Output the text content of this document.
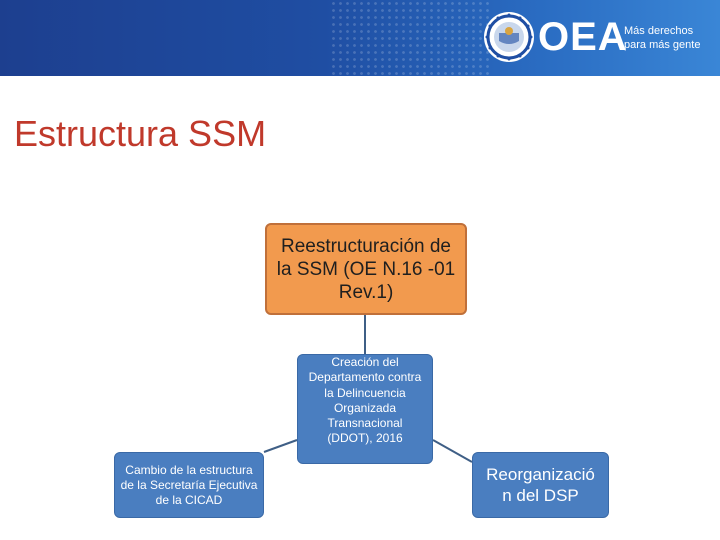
OEA
Más derechos
para más gente
Estructura SSM
Reestructuración de la SSM (OE N.16 -01 Rev.1)
Cambio de la estructura de la Secretaría Ejecutiva de la CICAD
Creación del Departamento contra la Delincuencia Organizada Transnacional (DDOT), 2016
Reorganizació n del DSP
